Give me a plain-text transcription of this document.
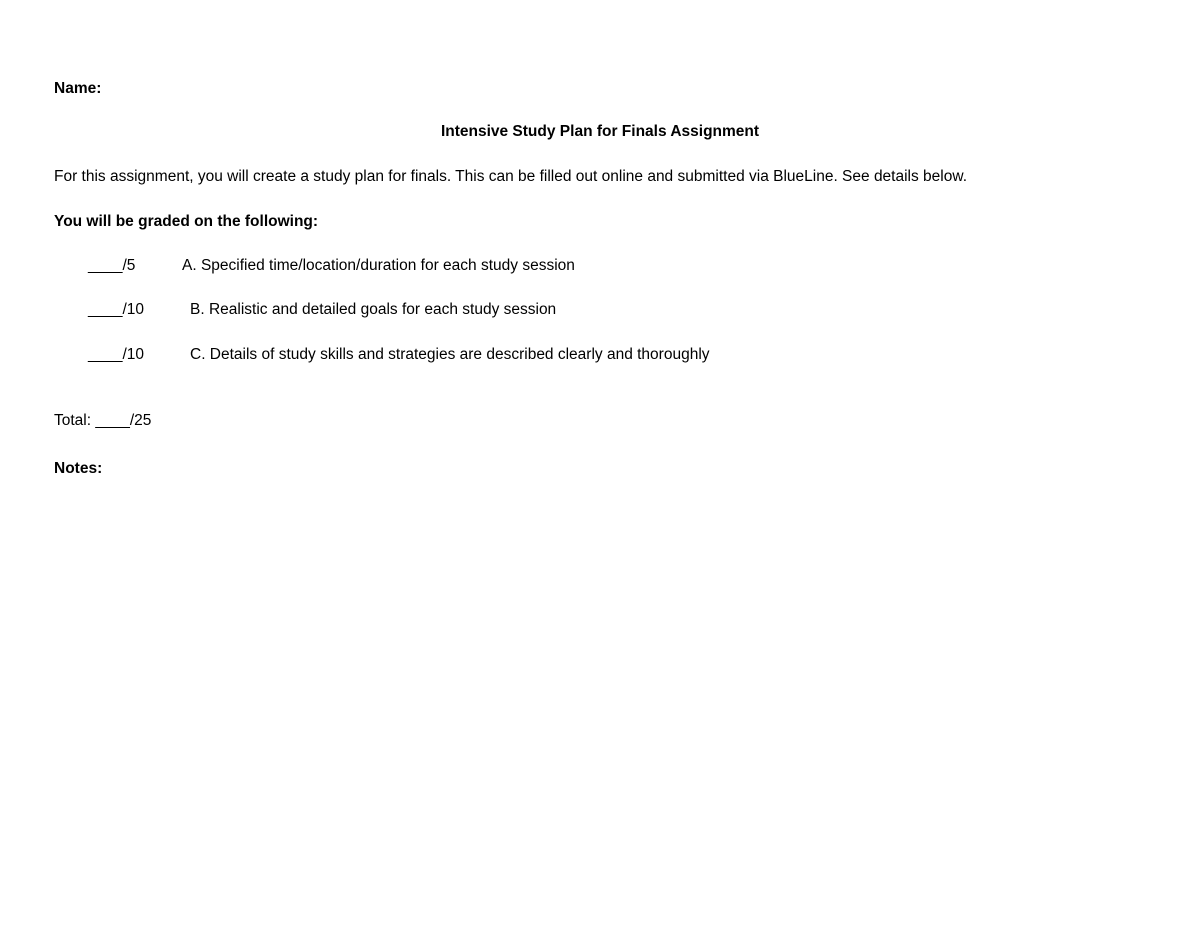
Name:
Intensive Study Plan for Finals Assignment
For this assignment, you will create a study plan for finals. This can be filled out online and submitted via BlueLine. See details below.
You will be graded on the following:
____/5	A. Specified time/location/duration for each study session
____/10	B. Realistic and detailed goals for each study session
____/10	C. Details of study skills and strategies are described clearly and thoroughly
Total: ____/25
Notes:
